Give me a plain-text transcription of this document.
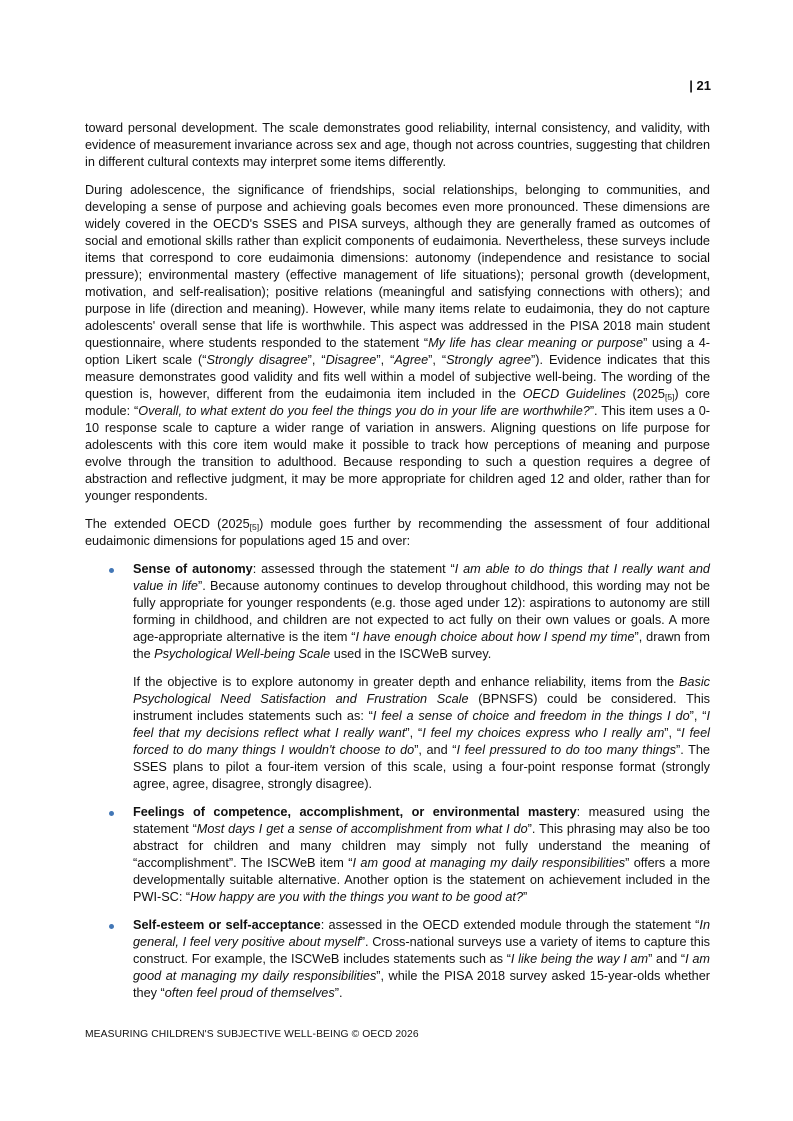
| 21

toward personal development. The scale demonstrates good reliability, internal consistency, and validity, with evidence of measurement invariance across sex and age, though not across countries, suggesting that children in different cultural contexts may interpret some items differently.

During adolescence, the significance of friendships, social relationships, belonging to communities, and developing a sense of purpose and achieving goals becomes even more pronounced. These dimensions are widely covered in the OECD's SSES and PISA surveys, although they are generally framed as outcomes of social and emotional skills rather than explicit components of eudaimonia. Nevertheless, these surveys include items that correspond to core eudaimonia dimensions: autonomy (independence and resistance to social pressure); environmental mastery (effective management of life situations); personal growth (development, motivation, and self-realisation); positive relations (meaningful and satisfying connections with others); and purpose in life (direction and meaning). However, while many items relate to eudaimonia, they do not capture adolescents' overall sense that life is worthwhile. This aspect was addressed in the PISA 2018 main student questionnaire, where students responded to the statement “My life has clear meaning or purpose” using a 4-option Likert scale (“Strongly disagree”, “Disagree”, “Agree”, “Strongly agree”). Evidence indicates that this measure demonstrates good validity and fits well within a model of subjective well-being. The wording of the question is, however, different from the eudaimonia item included in the OECD Guidelines $(2025_{[5]})$ core module: “Overall, to what extent do you feel the things you do in your life are worthwhile?”. This item uses a 0-10 response scale to capture a wider range of variation in answers. Aligning questions on life purpose for adolescents with this core item would make it possible to track how perceptions of meaning and purpose evolve through the transition to adulthood. Because responding to such a question requires a degree of abstraction and reflective judgment, it may be more appropriate for children aged 12 and older, rather than for younger respondents.

The extended OECD $(2025_{[5]})$ module goes further by recommending the assessment of four additional eudaimonic dimensions for populations aged 15 and over:

Sense of autonomy: assessed through the statement “I am able to do things that I really want and value in life”. Because autonomy continues to develop throughout childhood, this wording may not be fully appropriate for younger respondents (e.g. those aged under 12): aspirations to autonomy are still forming in childhood, and children are not expected to act fully on their own values or goals. A more age-appropriate alternative is the item “I have enough choice about how I spend my time”, drawn from the Psychological Well-being Scale used in the ISCWeB survey.

If the objective is to explore autonomy in greater depth and enhance reliability, items from the Basic Psychological Need Satisfaction and Frustration Scale (BPNSFS) could be considered. This instrument includes statements such as: “I feel a sense of choice and freedom in the things I do”, “I feel that my decisions reflect what I really want”, “I feel my choices express who I really am”, “I feel forced to do many things I wouldn't choose to do”, and “I feel pressured to do too many things”. The SSES plans to pilot a four-item version of this scale, using a four-point response format (strongly agree, agree, disagree, strongly disagree).

Feelings of competence, accomplishment, or environmental mastery: measured using the statement “Most days I get a sense of accomplishment from what I do”. This phrasing may also be too abstract for children and many children may simply not fully understand the meaning of “accomplishment”. The ISCWeB item “I am good at managing my daily responsibilities” offers a more developmentally suitable alternative. Another option is the statement on achievement included in the PWI-SC: “How happy are you with the things you want to be good at?”
Self-esteem or self-acceptance: assessed in the OECD extended module through the statement “In general, I feel very positive about myself”. Cross-national surveys use a variety of items to capture this construct. For example, the ISCWeB includes statements such as “I like being the way I am” and “I am good at managing my daily responsibilities”, while the PISA 2018 survey asked 15-year-olds whether they “often feel proud of themselves”.
MEASURING CHILDREN'S SUBJECTIVE WELL-BEING © OECD 2026
